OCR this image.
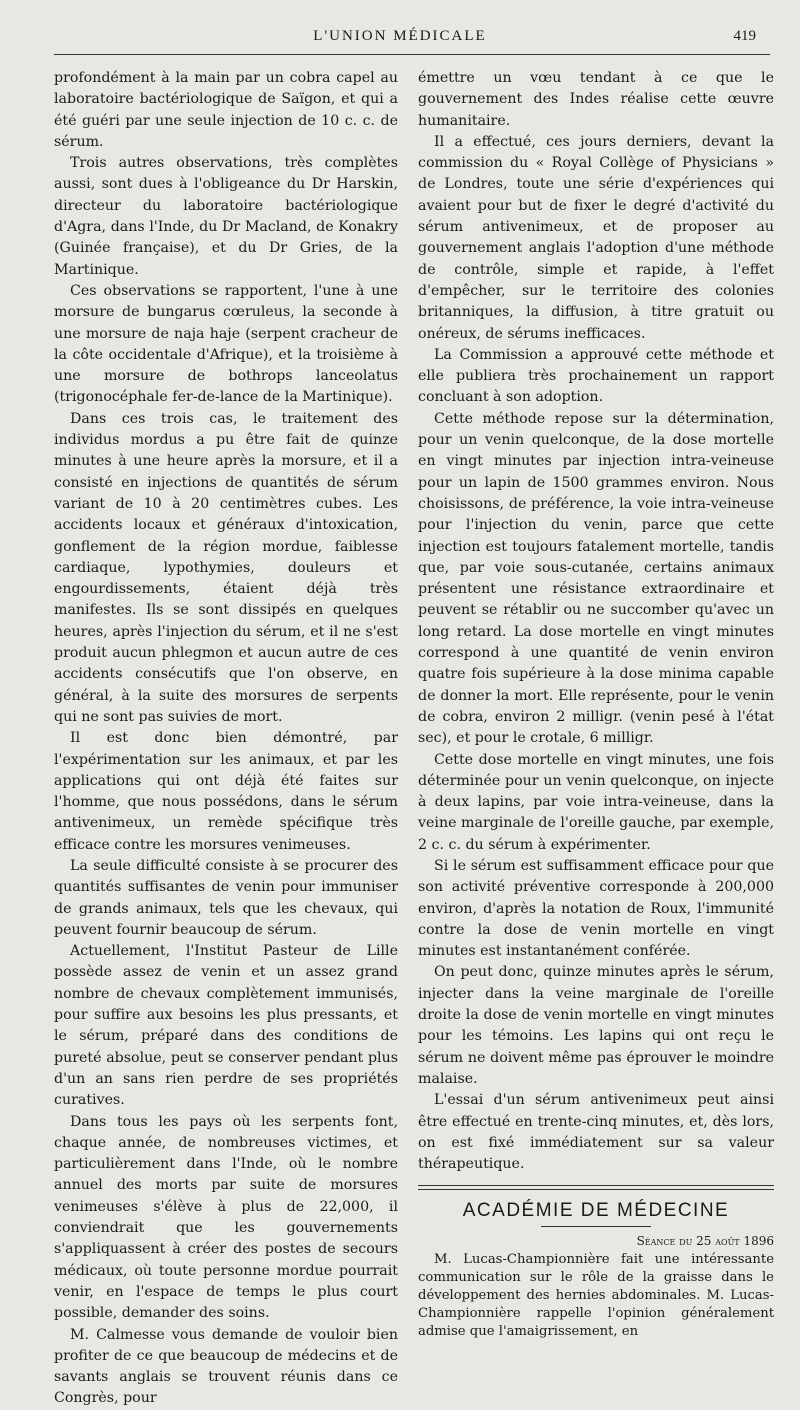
L'UNION MÉDICALE	419

profondément à la main par un cobra capel au laboratoire bactériologique de Saïgon, et qui a été guéri par une seule injection de 10 c. c. de sérum.

Trois autres observations, très complètes aussi, sont dues à l'obligeance du Dr Harskin, directeur du laboratoire bactériologique d'Agra, dans l'Inde, du Dr Macland, de Konakry (Guinée française), et du Dr Gries, de la Martinique.

Ces observations se rapportent, l'une à une morsure de bungarus cœruleus, la seconde à une morsure de naja haje (serpent cracheur de la côte occidentale d'Afrique), et la troisième à une morsure de bothrops lanceolatus (trigonocéphale fer-de-lance de la Martinique).

Dans ces trois cas, le traitement des individus mordus a pu être fait de quinze minutes à une heure après la morsure, et il a consisté en injections de quantités de sérum variant de 10 à 20 centimètres cubes. Les accidents locaux et généraux d'intoxication, gonflement de la région mordue, faiblesse cardiaque, lypothymies, douleurs et engourdissements, étaient déjà très manifestes. Ils se sont dissipés en quelques heures, après l'injection du sérum, et il ne s'est produit aucun phlegmon et aucun autre de ces accidents consécutifs que l'on observe, en général, à la suite des morsures de serpents qui ne sont pas suivies de mort.

Il est donc bien démontré, par l'expérimentation sur les animaux, et par les applications qui ont déjà été faites sur l'homme, que nous possédons, dans le sérum antivenimeux, un remède spécifique très efficace contre les morsures venimeuses.

La seule difficulté consiste à se procurer des quantités suffisantes de venin pour immuniser de grands animaux, tels que les chevaux, qui peuvent fournir beaucoup de sérum.

Actuellement, l'Institut Pasteur de Lille possède assez de venin et un assez grand nombre de chevaux complètement immunisés, pour suffire aux besoins les plus pressants, et le sérum, préparé dans des conditions de pureté absolue, peut se conserver pendant plus d'un an sans rien perdre de ses propriétés curatives.

Dans tous les pays où les serpents font, chaque année, de nombreuses victimes, et particulièrement dans l'Inde, où le nombre annuel des morts par suite de morsures venimeuses s'élève à plus de 22,000, il conviendrait que les gouvernements s'appliquassent à créer des postes de secours médicaux, où toute personne mordue pourrait venir, en l'espace de temps le plus court possible, demander des soins.

M. Calmesse vous demande de vouloir bien profiter de ce que beaucoup de médecins et de savants anglais se trouvent réunis dans ce Congrès, pour

émettre un vœu tendant à ce que le gouvernement des Indes réalise cette œuvre humanitaire.

Il a effectué, ces jours derniers, devant la commission du « Royal Collège of Physicians » de Londres, toute une série d'expériences qui avaient pour but de fixer le degré d'activité du sérum antivenimeux, et de proposer au gouvernement anglais l'adoption d'une méthode de contrôle, simple et rapide, à l'effet d'empêcher, sur le territoire des colonies britanniques, la diffusion, à titre gratuit ou onéreux, de sérums inefficaces.

La Commission a approuvé cette méthode et elle publiera très prochainement un rapport concluant à son adoption.

Cette méthode repose sur la détermination, pour un venin quelconque, de la dose mortelle en vingt minutes par injection intra-veineuse pour un lapin de 1500 grammes environ. Nous choisissons, de préférence, la voie intra-veineuse pour l'injection du venin, parce que cette injection est toujours fatalement mortelle, tandis que, par voie sous-cutanée, certains animaux présentent une résistance extraordinaire et peuvent se rétablir ou ne succomber qu'avec un long retard. La dose mortelle en vingt minutes correspond à une quantité de venin environ quatre fois supérieure à la dose minima capable de donner la mort. Elle représente, pour le venin de cobra, environ 2 milligr. (venin pesé à l'état sec), et pour le crotale, 6 milligr.

Cette dose mortelle en vingt minutes, une fois déterminée pour un venin quelconque, on injecte à deux lapins, par voie intra-veineuse, dans la veine marginale de l'oreille gauche, par exemple, 2 c. c. du sérum à expérimenter.

Si le sérum est suffisamment efficace pour que son activité préventive corresponde à 200,000 environ, d'après la notation de Roux, l'immunité contre la dose de venin mortelle en vingt minutes est instantanément conférée.

On peut donc, quinze minutes après le sérum, injecter dans la veine marginale de l'oreille droite la dose de venin mortelle en vingt minutes pour les témoins. Les lapins qui ont reçu le sérum ne doivent même pas éprouver le moindre malaise.

L'essai d'un sérum antivenimeux peut ainsi être effectué en trente-cinq minutes, et, dès lors, on est fixé immédiatement sur sa valeur thérapeutique.

ACADÉMIE DE MÉDECINE
Séance du 25 août 1896

M. Lucas-Championnière fait une intéressante communication sur le rôle de la graisse dans le développement des hernies abdominales. M. Lucas-Championnière rappelle l'opinion généralement admise que l'amaigrissement, en
